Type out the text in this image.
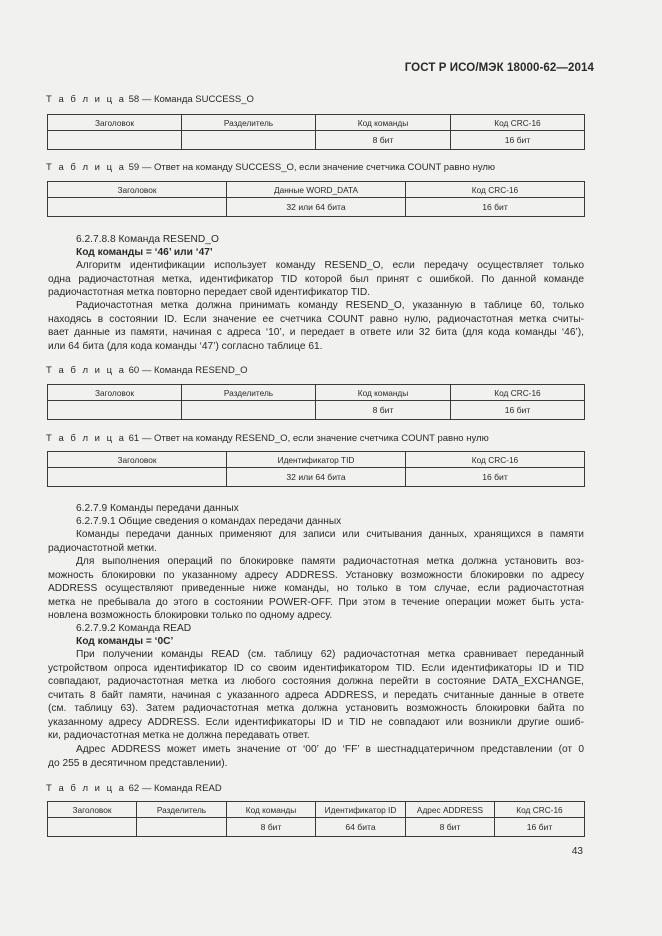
ГОСТ Р ИСО/МЭК 18000-62—2014
Т а б л и ц а 58 — Команда SUCCESS_O
Заголовок	Разделитель	Код команды	Код CRC-16
		8 бит	16 бит
Т а б л и ц а 59 — Ответ на команду SUCCESS_O, если значение счетчика COUNT равно нулю
Заголовок	Данные WORD_DATA	Код CRC-16
	32 или 64 бита	16 бит
6.2.7.8.8 Команда RESEND_O
Код команды = ‘46’ или ‘47’
Алгоритм идентификации использует команду RESEND_O, если передачу осуществляет только
одна радиочастотная метка, идентификатор TID которой был принят с ошибкой. По данной команде
радиочастотная метка повторно передает свой идентификатор TID.
Радиочастотная метка должна принимать команду RESEND_O, указанную в таблице 60, только
находясь в состоянии ID. Если значение ее счетчика COUNT равно нулю, радиочастотная метка считы-
вает данные из памяти, начиная с адреса ‘10’, и передает в ответе или 32 бита (для кода команды ‘46’),
или 64 бита (для кода команды ‘47’) согласно таблице 61.
Т а б л и ц а 60 — Команда RESEND_O
Заголовок	Разделитель	Код команды	Код CRC-16
		8 бит	16 бит
Т а б л и ц а 61 — Ответ на команду RESEND_O, если значение счетчика COUNT равно нулю
Заголовок	Идентификатор TID	Код CRC-16
	32 или 64 бита	16 бит
6.2.7.9 Команды передачи данных
6.2.7.9.1 Общие сведения о командах передачи данных
Команды передачи данных применяют для записи или считывания данных, хранящихся в памяти
радиочастотной метки.
Для выполнения операций по блокировке памяти радиочастотная метка должна установить воз-
можность блокировки по указанному адресу ADDRESS. Установку возможности блокировки по адресу
ADDRESS осуществляют приведенные ниже команды, но только в том случае, если радиочастотная
метка не пребывала до этого в состоянии POWER-OFF. При этом в течение операции может быть уста-
новлена возможность блокировки только по одному адресу.
6.2.7.9.2 Команда READ
Код команды = ‘0C’
При получении команды READ (см. таблицу 62) радиочастотная метка сравнивает переданный
устройством опроса идентификатор ID со своим идентификатором TID. Если идентификаторы ID и TID
совпадают, радиочастотная метка из любого состояния должна перейти в состояние DATA_EXCHANGE,
считать 8 байт памяти, начиная с указанного адреса ADDRESS, и передать считанные данные в ответе
(см. таблицу 63). Затем радиочастотная метка должна установить возможность блокировки байта по
указанному адресу ADDRESS. Если идентификаторы ID и TID не совпадают или возникли другие ошиб-
ки, радиочастотная метка не должна передавать ответ.
Адрес ADDRESS может иметь значение от ‘00’ до ‘FF’ в шестнадцатеричном представлении (от 0
до 255 в десятичном представлении).
Т а б л и ц а 62 — Команда READ
Заголовок	Разделитель	Код команды	Идентификатор ID	Адрес ADDRESS	Код CRC-16
		8 бит	64 бита	8 бит	16 бит
43
